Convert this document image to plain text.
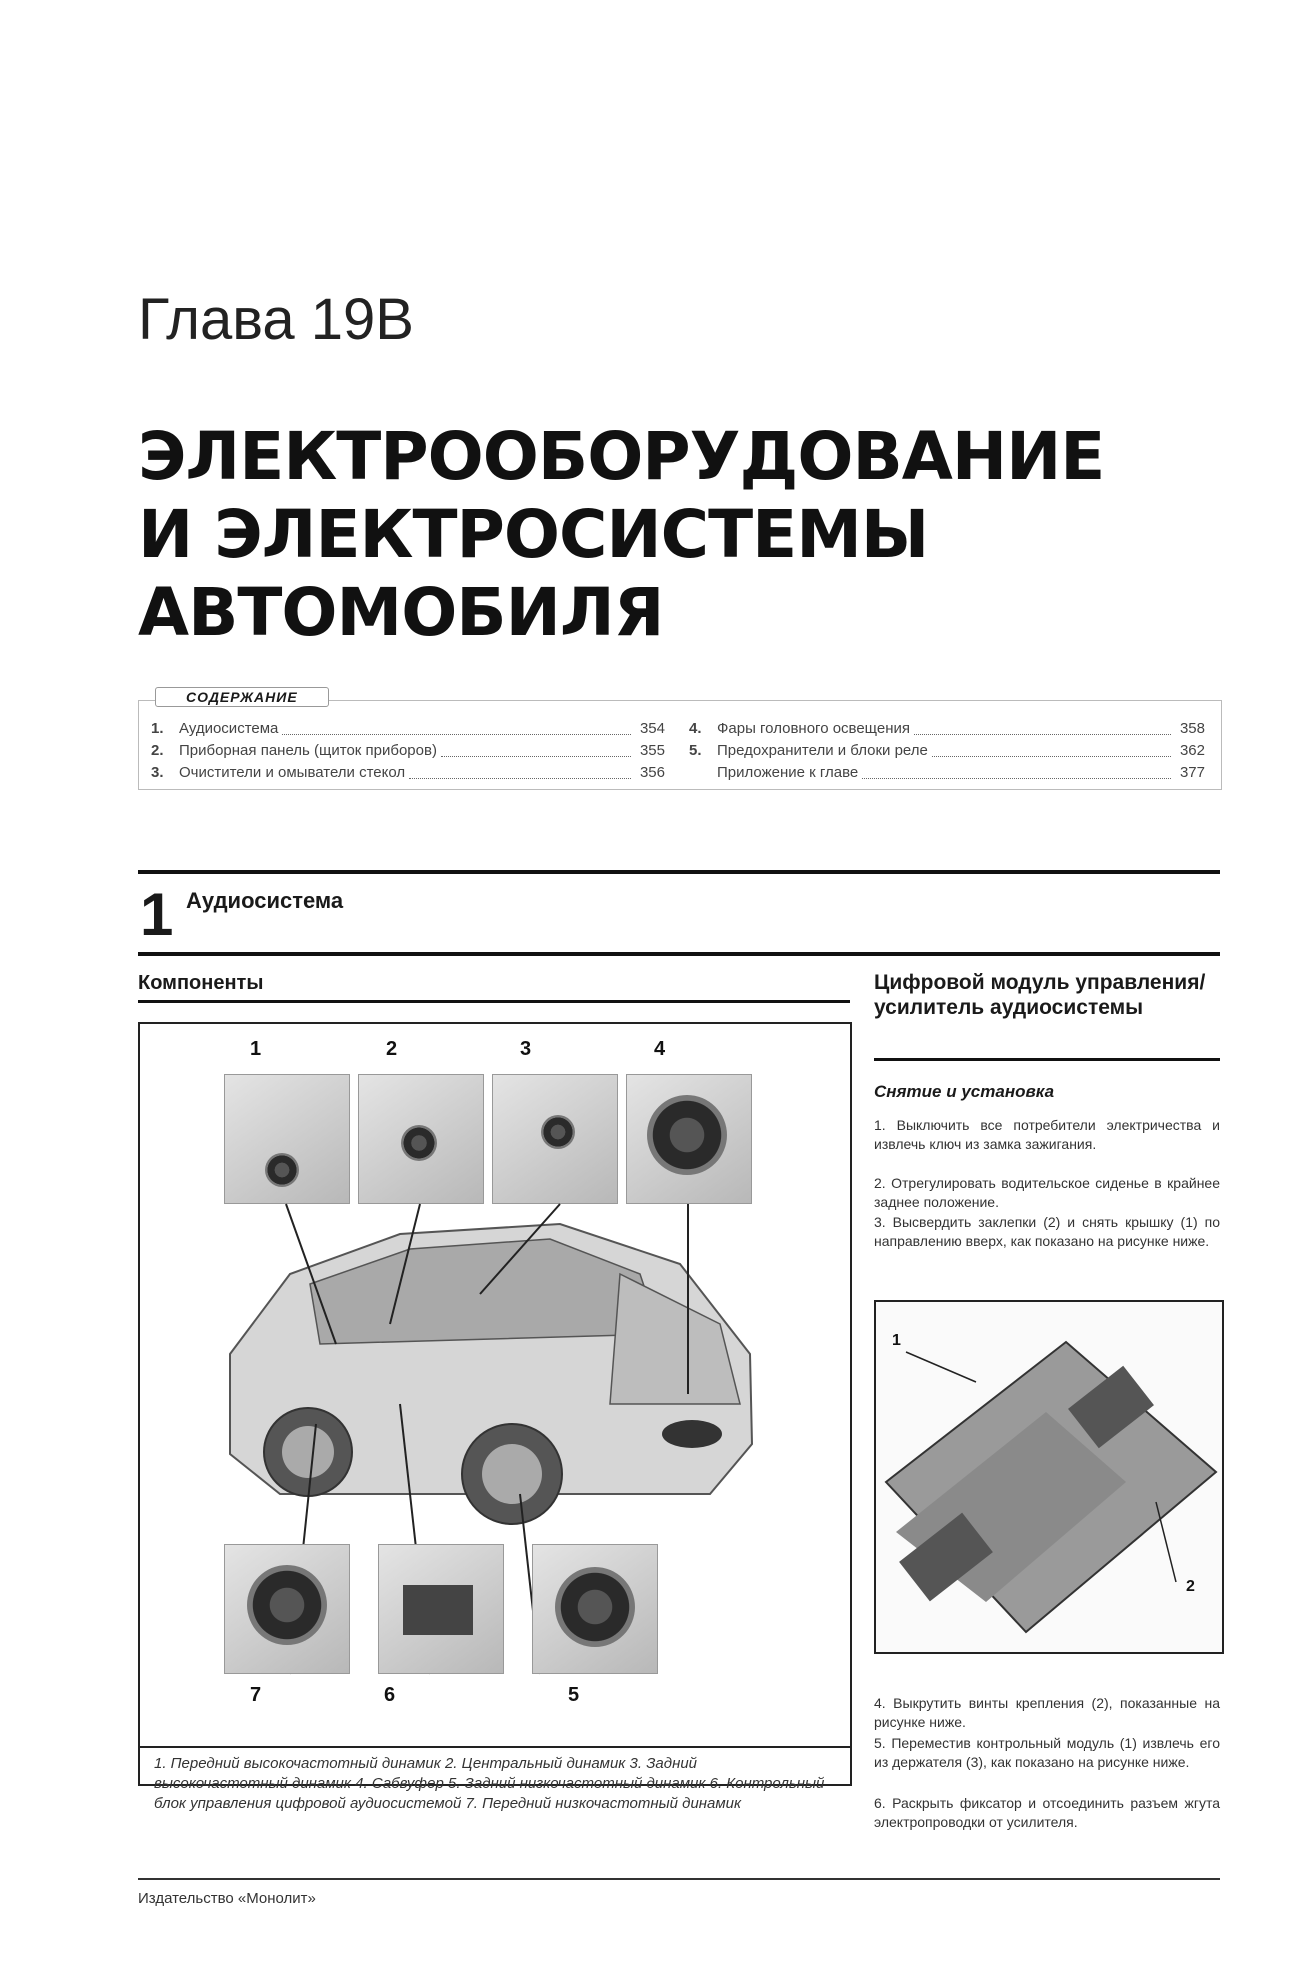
Глава 19В
ЭЛЕКТРООБОРУДОВАНИЕ
И ЭЛЕКТРОСИСТЕМЫ
АВТОМОБИЛЯ
СОДЕРЖАНИЕ
1.	Аудиосистема	354
2.	Приборная панель (щиток приборов)	355
3.	Очистители и омыватели стекол	356
4.	Фары головного освещения	358
5.	Предохранители и блоки реле	362
Приложение к главе	377
1 Аудиосистема
Компоненты
1	2	3	4
7	6	5
1. Передний высокочастотный динамик 2. Центральный динамик 3. Задний высокочастотный динамик 4. Сабвуфер 5. Задний низкочастотный динамик 6. Контрольный блок управления цифровой аудиосистемой 7. Передний низкочастотный динамик
Цифровой модуль управления/усилитель аудиосистемы
Снятие и установка
1. Выключить все потребители электричества и извлечь ключ из замка зажигания.
2. Отрегулировать водительское сиденье в крайнее заднее положение.
3. Высвердить заклепки (2) и снять крышку (1) по направлению вверх, как показано на рисунке ниже.
1
2
4. Выкрутить винты крепления (2), показанные на рисунке ниже.
5. Переместив контрольный модуль (1) извлечь его из держателя (3), как показано на рисунке ниже.
6. Раскрыть фиксатор и отсоединить разъем жгута электропроводки от усилителя.
Издательство «Монолит»
